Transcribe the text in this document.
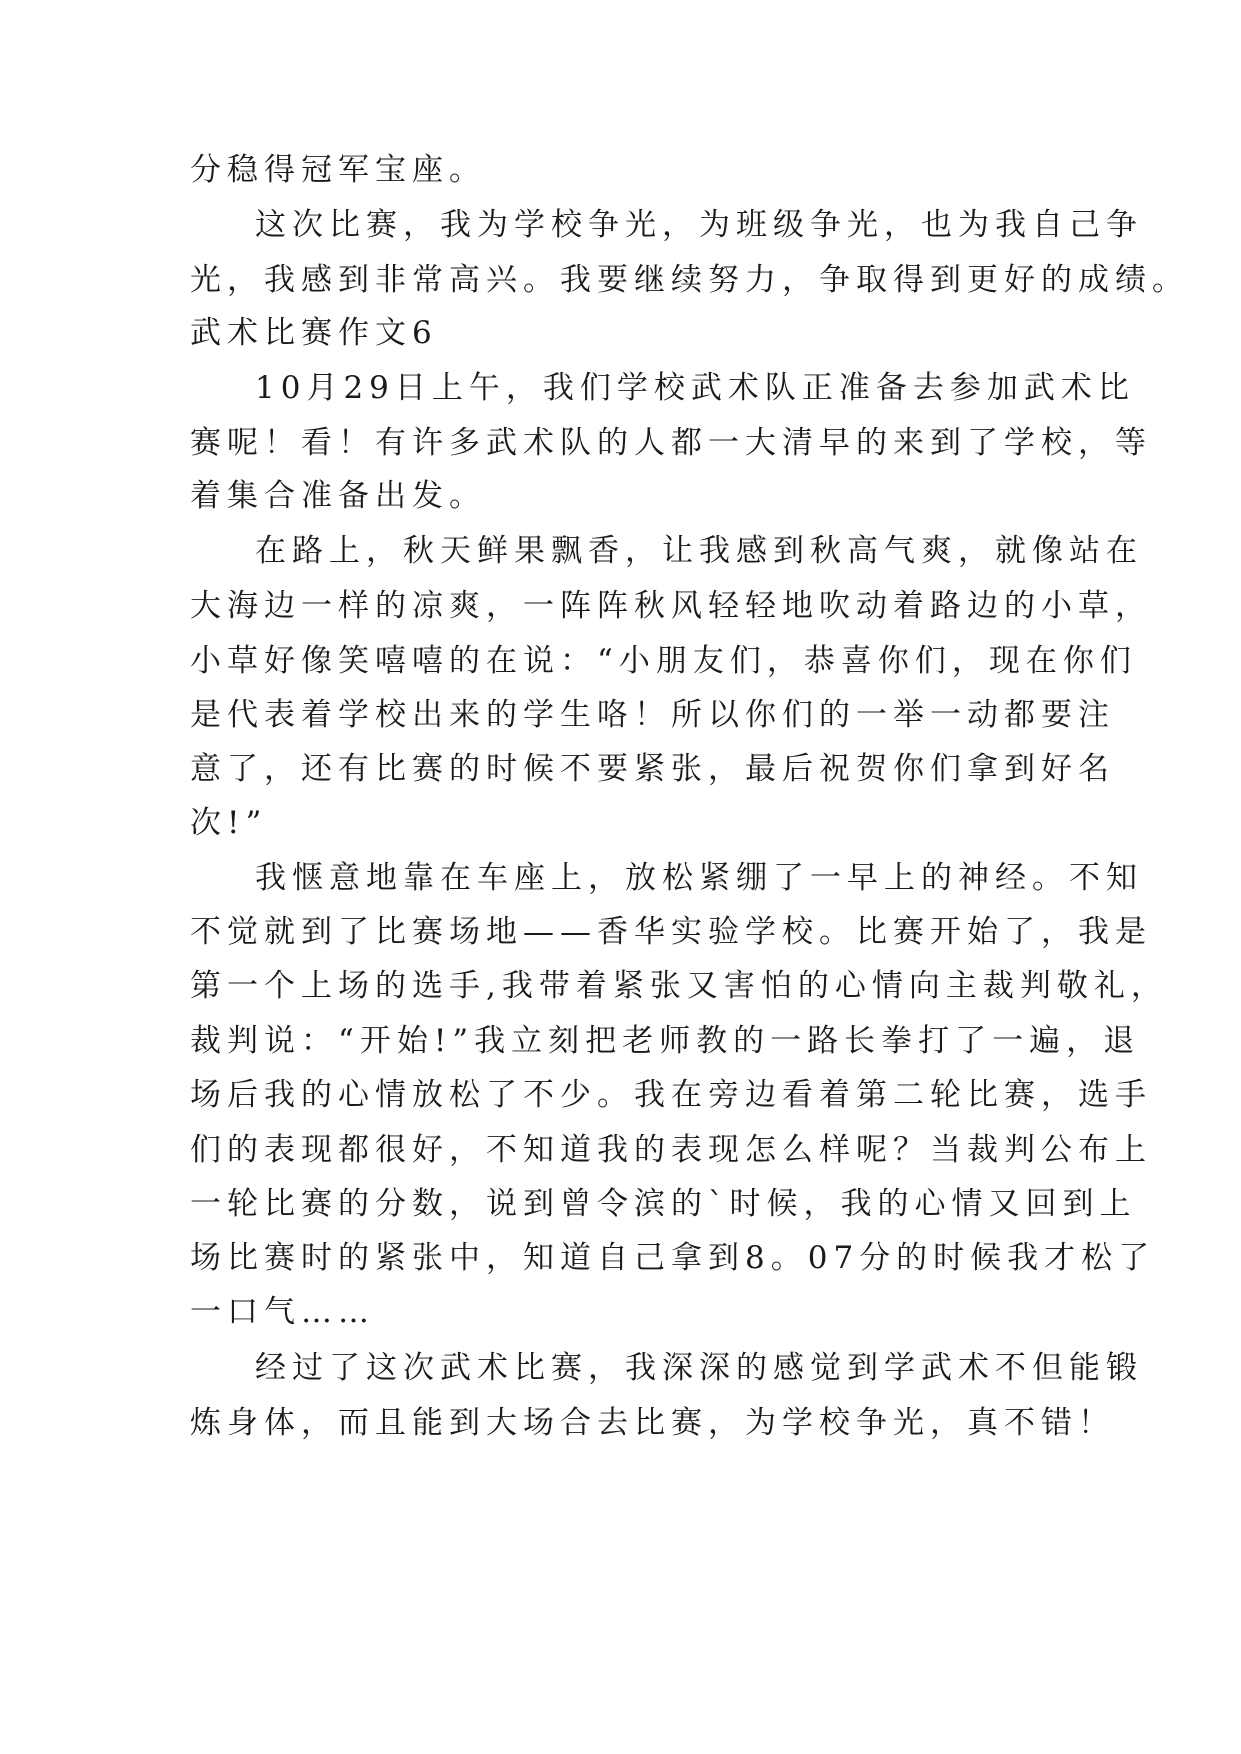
分稳得冠军宝座。
这次比赛，我为学校争光，为班级争光，也为我自己争
光，我感到非常高兴。我要继续努力，争取得到更好的成绩。
武术比赛作文6
10月29日上午，我们学校武术队正准备去参加武术比
赛呢！看！有许多武术队的人都一大清早的来到了学校，等
着集合准备出发。
在路上，秋天鲜果飘香，让我感到秋高气爽，就像站在
大海边一样的凉爽，一阵阵秋风轻轻地吹动着路边的小草，
小草好像笑嘻嘻的在说：“小朋友们，恭喜你们，现在你们
是代表着学校出来的学生咯！所以你们的一举一动都要注
意了，还有比赛的时候不要紧张，最后祝贺你们拿到好名
次!”
我惬意地靠在车座上，放松紧绷了一早上的神经。不知
不觉就到了比赛场地——香华实验学校。比赛开始了，我是
第一个上场的选手,我带着紧张又害怕的心情向主裁判敬礼，
裁判说：“开始!”我立刻把老师教的一路长拳打了一遍，退
场后我的心情放松了不少。我在旁边看着第二轮比赛，选手
们的表现都很好，不知道我的表现怎么样呢？当裁判公布上
一轮比赛的分数，说到曾令滨的`时候，我的心情又回到上
场比赛时的紧张中，知道自己拿到8。07分的时候我才松了
一口气……
经过了这次武术比赛，我深深的感觉到学武术不但能锻
炼身体，而且能到大场合去比赛，为学校争光，真不错！
